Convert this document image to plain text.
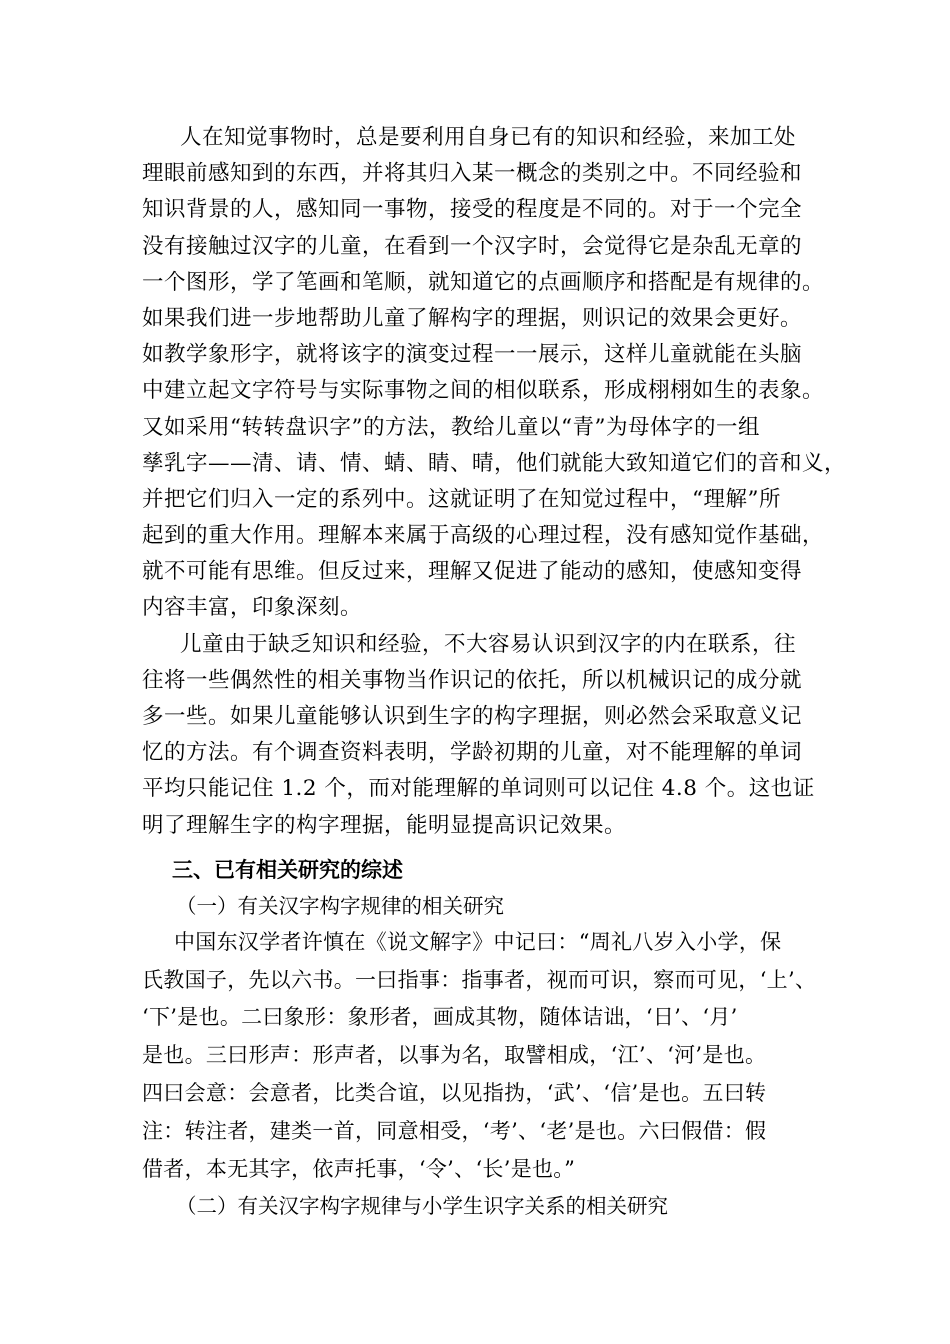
人在知觉事物时，总是要利用自身已有的知识和经验，来加工处
理眼前感知到的东西，并将其归入某一概念的类别之中。不同经验和
知识背景的人，感知同一事物，接受的程度是不同的。对于一个完全
没有接触过汉字的儿童，在看到一个汉字时，会觉得它是杂乱无章的
一个图形，学了笔画和笔顺，就知道它的点画顺序和搭配是有规律的。
如果我们进一步地帮助儿童了解构字的理据，则识记的效果会更好。
如教学象形字，就将该字的演变过程一一展示，这样儿童就能在头脑
中建立起文字符号与实际事物之间的相似联系，形成栩栩如生的表象。
又如采用“转转盘识字”的方法，教给儿童以“青”为母体字的一组
孳乳字——清、请、情、蜻、睛、晴，他们就能大致知道它们的音和义，
并把它们归入一定的系列中。这就证明了在知觉过程中，“理解”所
起到的重大作用。理解本来属于高级的心理过程，没有感知觉作基础，
就不可能有思维。但反过来，理解又促进了能动的感知，使感知变得
内容丰富，印象深刻。
儿童由于缺乏知识和经验，不大容易认识到汉字的内在联系，往
往将一些偶然性的相关事物当作识记的依托，所以机械识记的成分就
多一些。如果儿童能够认识到生字的构字理据，则必然会采取意义记
忆的方法。有个调查资料表明，学龄初期的儿童，对不能理解的单词
平均只能记住 1.2 个，而对能理解的单词则可以记住 4.8 个。这也证
明了理解生字的构字理据，能明显提高识记效果。
三、已有相关研究的综述
（一）有关汉字构字规律的相关研究
中国东汉学者许慎在《说文解字》中记曰：“周礼八岁入小学，保
氏教国子，先以六书。一曰指事：指事者，视而可识，察而可见，‘上’、
‘下’是也。二曰象形：象形者，画成其物，随体诘诎，‘日’、‘月’
是也。三曰形声：形声者，以事为名，取譬相成，‘江’、‘河’是也。
四曰会意：会意者，比类合谊，以见指㧑，‘武’、‘信’是也。五曰转
注：转注者，建类一首，同意相受，‘考’、‘老’是也。六曰假借：假
借者，本无其字，依声托事，‘令’、‘长’是也。”
（二）有关汉字构字规律与小学生识字关系的相关研究
